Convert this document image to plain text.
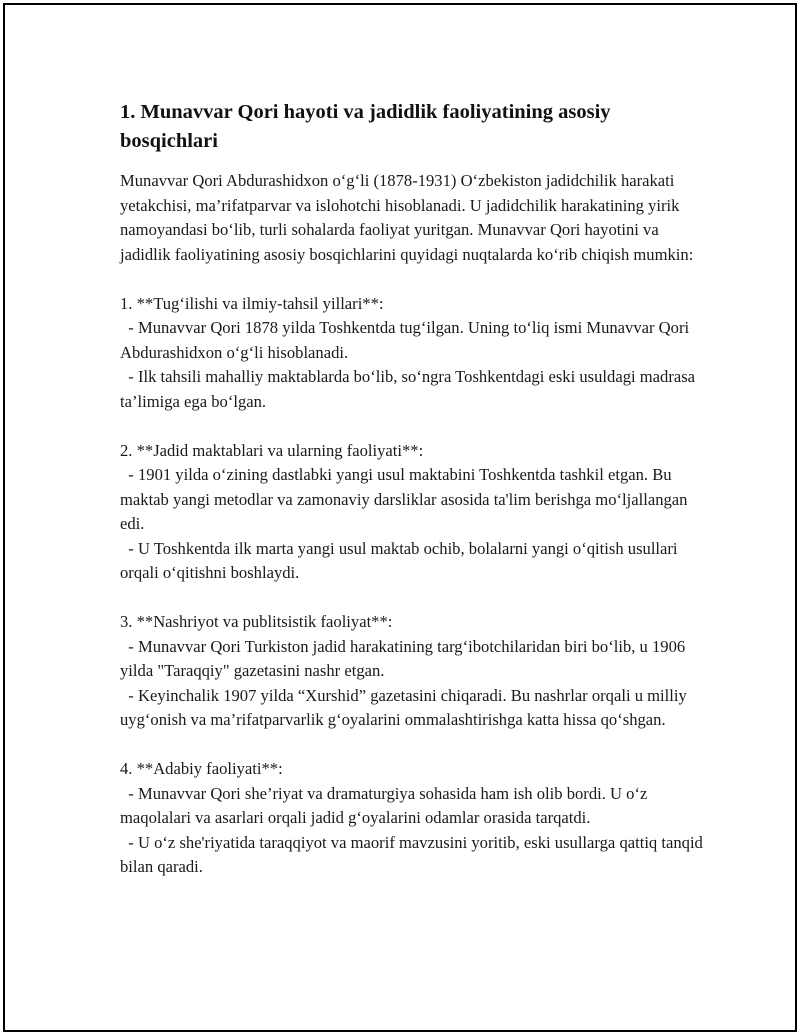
1. Munavvar Qori hayoti va jadidlik faoliyatining asosiy bosqichlari

Munavvar Qori Abdurashidxon o‘g‘li (1878-1931) O‘zbekiston jadidchilik harakati yetakchisi, ma’rifatparvar va islohotchi hisoblanadi. U jadidchilik harakatining yirik namoyandasi bo‘lib, turli sohalarda faoliyat yuritgan. Munavvar Qori hayotini va jadidlik faoliyatining asosiy bosqichlarini quyidagi nuqtalarda ko‘rib chiqish mumkin:

1. **Tug‘ilishi va ilmiy-tahsil yillari**:

- Munavvar Qori 1878 yilda Toshkentda tug‘ilgan. Uning to‘liq ismi Munavvar Qori Abdurashidxon o‘g‘li hisoblanadi.

- Ilk tahsili mahalliy maktablarda bo‘lib, so‘ngra Toshkentdagi eski usuldagi madrasa ta’limiga ega bo‘lgan.

2. **Jadid maktablari va ularning faoliyati**:

- 1901 yilda o‘zining dastlabki yangi usul maktabini Toshkentda tashkil etgan. Bu maktab yangi metodlar va zamonaviy darsliklar asosida ta'lim berishga mo‘ljallangan edi.

- U Toshkentda ilk marta yangi usul maktab ochib, bolalarni yangi o‘qitish usullari orqali o‘qitishni boshlaydi.

3. **Nashriyot va publitsistik faoliyat**:

- Munavvar Qori Turkiston jadid harakatining targ‘ibotchilaridan biri bo‘lib, u 1906 yilda "Taraqqiy" gazetasini nashr etgan.

- Keyinchalik 1907 yilda “Xurshid” gazetasini chiqaradi. Bu nashrlar orqali u milliy uyg‘onish va ma’rifatparvarlik g‘oyalarini ommalashtirishga katta hissa qo‘shgan.

4. **Adabiy faoliyati**:

- Munavvar Qori she’riyat va dramaturgiya sohasida ham ish olib bordi. U o‘z maqolalari va asarlari orqali jadid g‘oyalarini odamlar orasida tarqatdi.

- U o‘z she'riyatida taraqqiyot va maorif mavzusini yoritib, eski usullarga qattiq tanqid bilan qaradi.
